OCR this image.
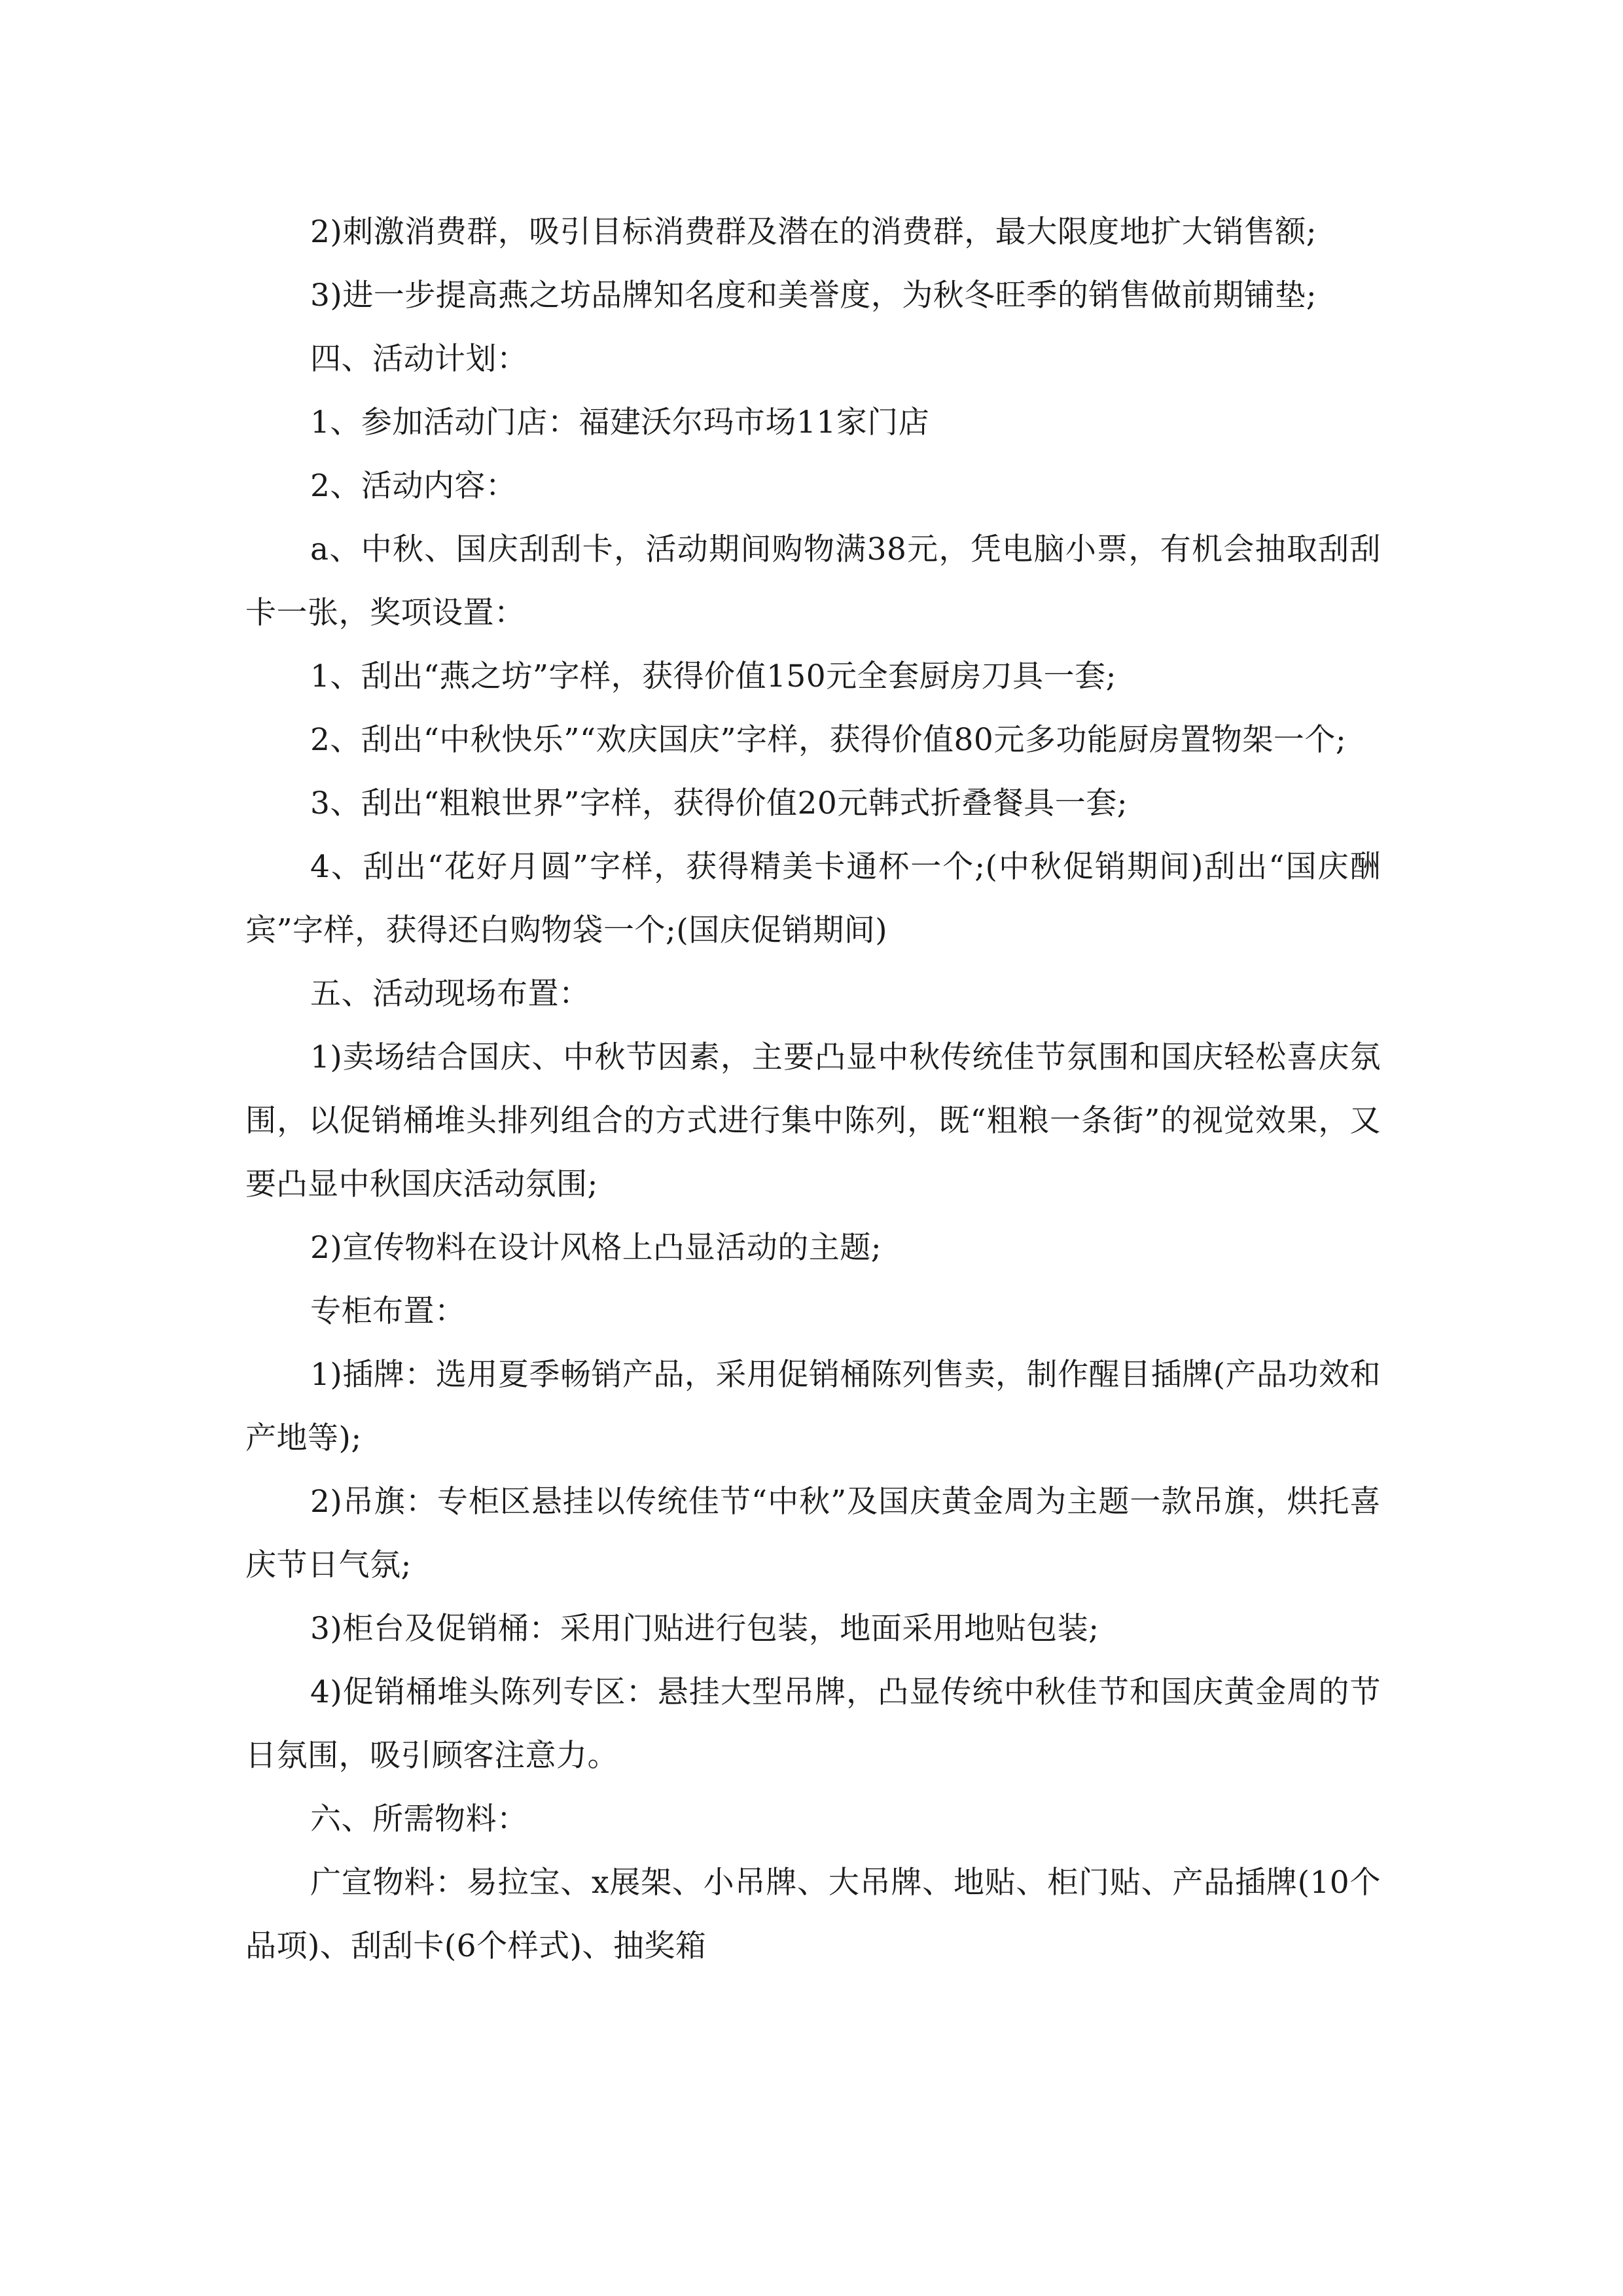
2)刺激消费群，吸引目标消费群及潜在的消费群，最大限度地扩大销售额;

3)进一步提高燕之坊品牌知名度和美誉度，为秋冬旺季的销售做前期铺垫;

四、活动计划：

1、参加活动门店：福建沃尔玛市场11家门店

2、活动内容：

a、中秋、国庆刮刮卡，活动期间购物满38元，凭电脑小票，有机会抽取刮刮卡一张，奖项设置：

1、刮出“燕之坊”字样，获得价值150元全套厨房刀具一套;

2、刮出“中秋快乐”“欢庆国庆”字样，获得价值80元多功能厨房置物架一个;

3、刮出“粗粮世界”字样，获得价值20元韩式折叠餐具一套;

4、刮出“花好月圆”字样，获得精美卡通杯一个;(中秋促销期间)刮出“国庆酬宾”字样，获得还白购物袋一个;(国庆促销期间)

五、活动现场布置：

1)卖场结合国庆、中秋节因素，主要凸显中秋传统佳节氛围和国庆轻松喜庆氛围，以促销桶堆头排列组合的方式进行集中陈列，既“粗粮一条街”的视觉效果，又要凸显中秋国庆活动氛围;

2)宣传物料在设计风格上凸显活动的主题;

专柜布置：

1)插牌：选用夏季畅销产品，采用促销桶陈列售卖，制作醒目插牌(产品功效和产地等);

2)吊旗：专柜区悬挂以传统佳节“中秋”及国庆黄金周为主题一款吊旗，烘托喜庆节日气氛;

3)柜台及促销桶：采用门贴进行包装，地面采用地贴包装;

4)促销桶堆头陈列专区：悬挂大型吊牌，凸显传统中秋佳节和国庆黄金周的节日氛围，吸引顾客注意力。

六、所需物料：

广宣物料：易拉宝、x展架、小吊牌、大吊牌、地贴、柜门贴、产品插牌(10个品项)、刮刮卡(6个样式)、抽奖箱
